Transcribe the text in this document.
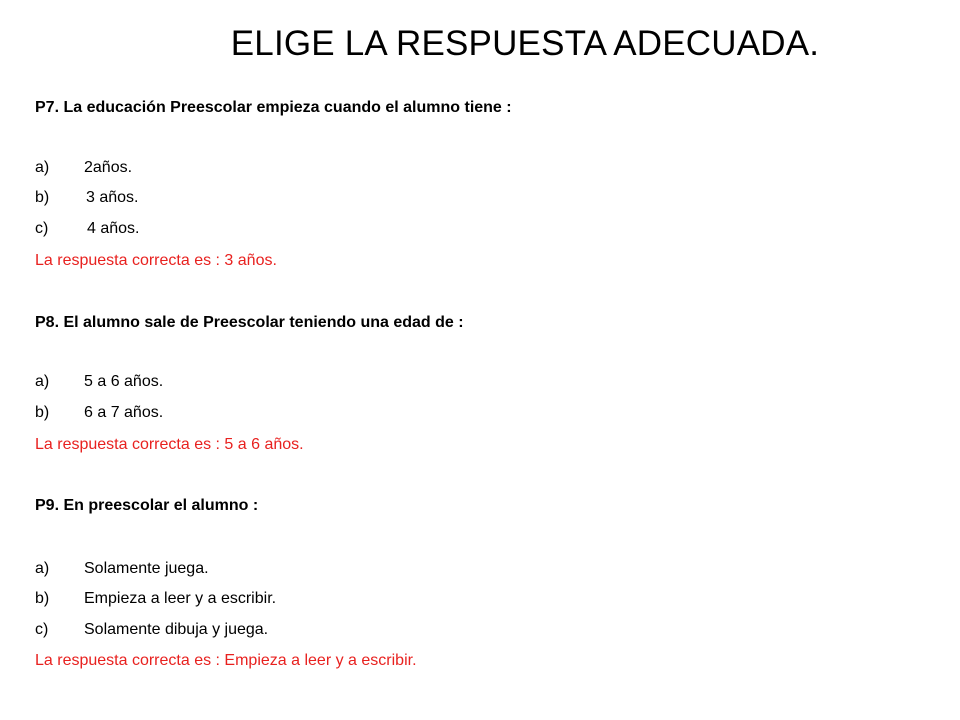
ELIGE LA RESPUESTA ADECUADA.
P7. La educación Preescolar empieza cuando el alumno tiene :
a) 2años.
b) 3 años.
c) 4 años.
La respuesta correcta es : 3 años.
P8. El alumno sale de Preescolar teniendo una edad de :
a) 5 a 6 años.
b) 6 a 7 años.
La respuesta correcta es : 5 a 6 años.
P9. En preescolar el alumno :
a) Solamente juega.
b) Empieza a leer y a escribir.
c) Solamente dibuja y juega.
La respuesta correcta es : Empieza a leer y a escribir.
